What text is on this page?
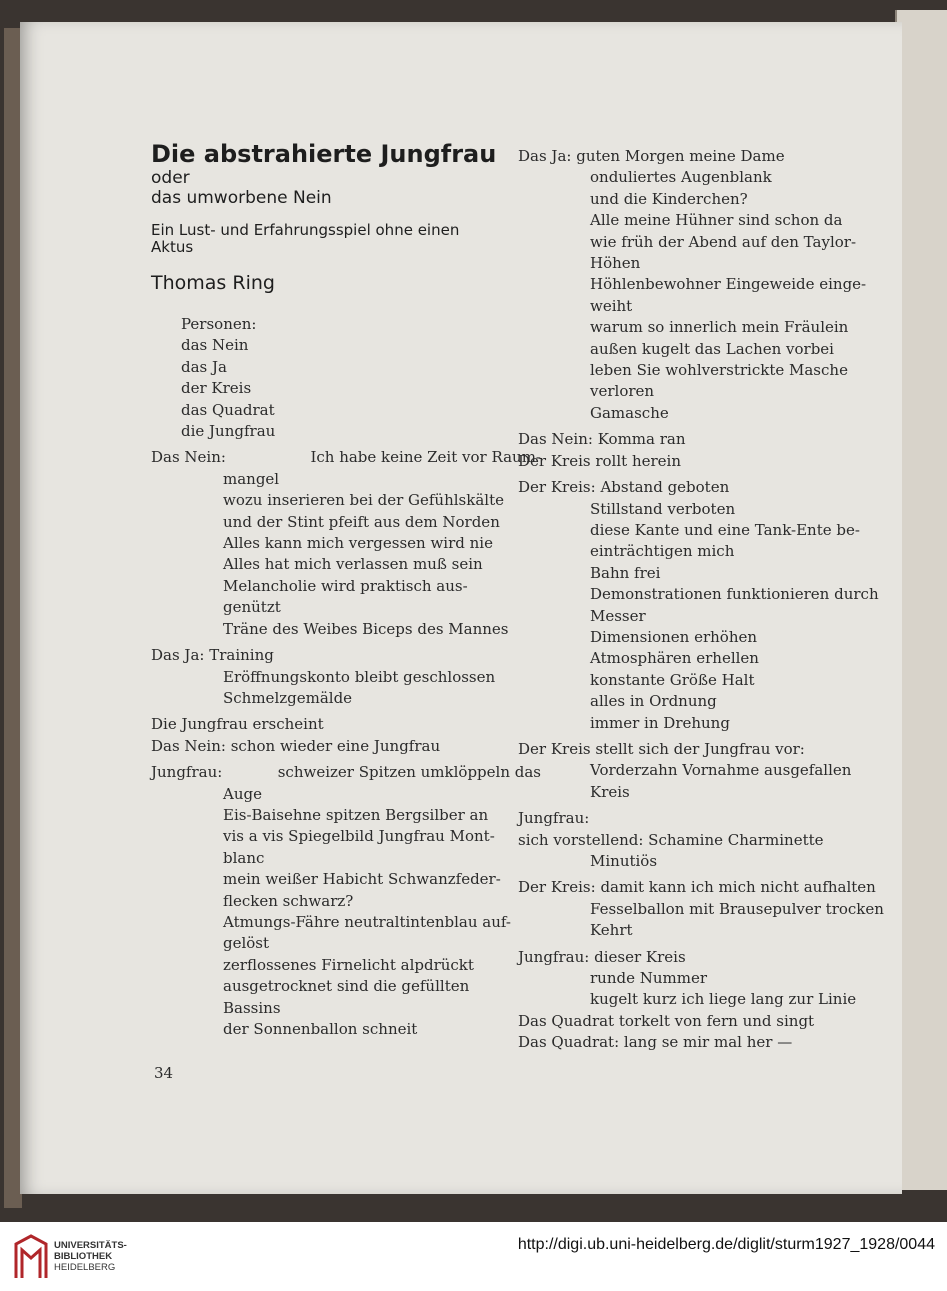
Die abstrahierte Jungfrau
oder
das umworbene Nein
Ein Lust- und Erfahrungsspiel ohne einen
Aktus
Thomas Ring
Personen:
das Nein
das Ja
der Kreis
das Quadrat
die Jungfrau
Das Nein:	Ich habe keine Zeit vor Raum-
mangel
wozu inserieren bei der Gefühlskälte
und der Stint pfeift aus dem Norden
Alles kann mich vergessen wird nie
Alles hat mich verlassen muß sein
Melancholie wird praktisch aus-
genützt
Träne des Weibes Biceps des Mannes
Das Ja: Training
Eröffnungskonto bleibt geschlossen
Schmelzgemälde
Die Jungfrau erscheint
Das Nein: schon wieder eine Jungfrau
Jungfrau:	schweizer Spitzen umklöppeln das
Auge
Eis-Baisehne spitzen Bergsilber an
vis a vis Spiegelbild Jungfrau Mont-
blanc
mein weißer Habicht Schwanzfeder-
flecken schwarz?
Atmungs-Fähre neutraltintenblau auf-
gelöst
zerflossenes Firnelicht alpdrückt
ausgetrocknet sind die gefüllten
Bassins
der Sonnenballon schneit
Das Ja: guten Morgen meine Dame
onduliertes Augenblank
und die Kinderchen?
Alle meine Hühner sind schon da
wie früh der Abend auf den Taylor-
Höhen
Höhlenbewohner Eingeweide einge-
weiht
warum so innerlich mein Fräulein
außen kugelt das Lachen vorbei
leben Sie wohlverstrickte Masche
verloren
Gamasche
Das Nein: Komma ran
Der Kreis rollt herein
Der Kreis: Abstand geboten
Stillstand verboten
diese Kante und eine Tank-Ente be-
einträchtigen mich
Bahn frei
Demonstrationen funktionieren durch
Messer
Dimensionen erhöhen
Atmosphären erhellen
konstante Größe Halt
alles in Ordnung
immer in Drehung
Der Kreis stellt sich der Jungfrau vor:
Vorderzahn Vornahme ausgefallen
Kreis
Jungfrau:
sich vorstellend: Schamine Charminette
Minutiös
Der Kreis: damit kann ich mich nicht aufhalten
Fesselballon mit Brausepulver trocken
Kehrt
Jungfrau: dieser Kreis
runde Nummer
kugelt kurz ich liege lang zur Linie
Das Quadrat torkelt von fern und singt
Das Quadrat: lang se mir mal her —
34
UNIVERSITÄTS-
BIBLIOTHEK
HEIDELBERG
http://digi.ub.uni-heidelberg.de/diglit/sturm1927_1928/0044
